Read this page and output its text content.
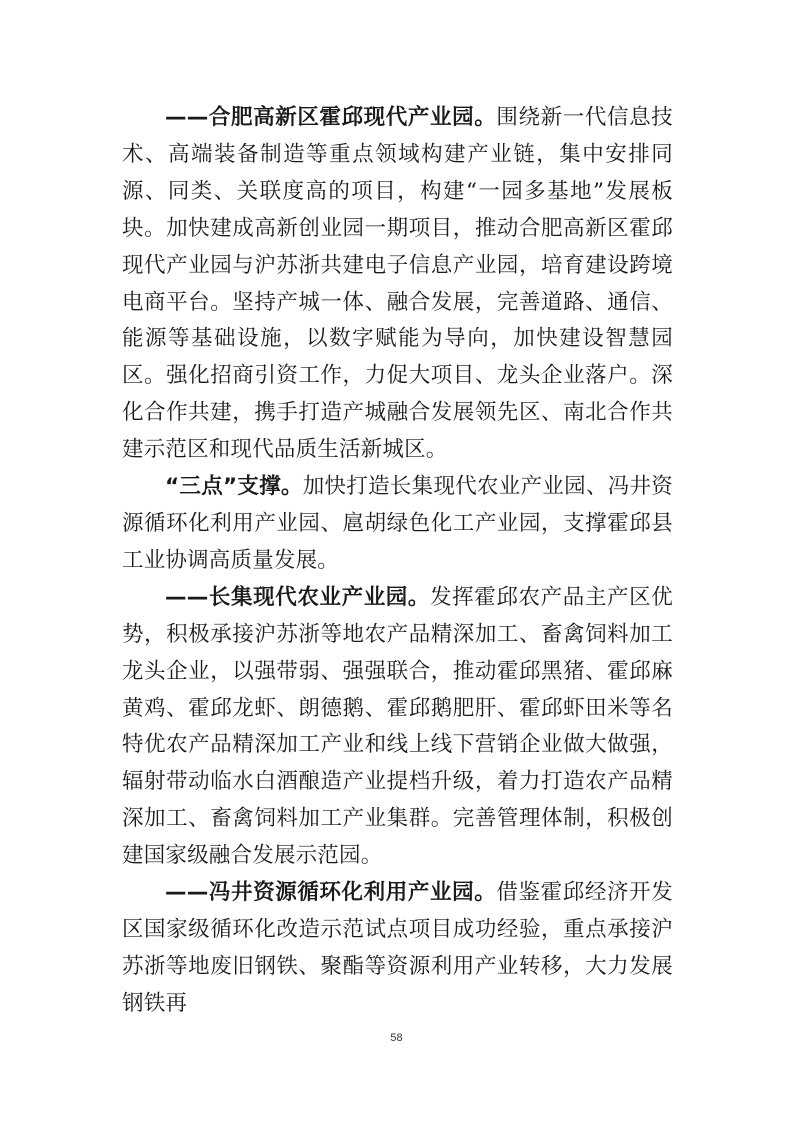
——合肥高新区霍邱现代产业园。围绕新一代信息技术、高端装备制造等重点领域构建产业链，集中安排同源、同类、关联度高的项目，构建“一园多基地”发展板块。加快建成高新创业园一期项目，推动合肥高新区霍邱现代产业园与沪苏浙共建电子信息产业园，培育建设跨境电商平台。坚持产城一体、融合发展，完善道路、通信、能源等基础设施，以数字赋能为导向，加快建设智慧园区。强化招商引资工作，力促大项目、龙头企业落户。深化合作共建，携手打造产城融合发展领先区、南北合作共建示范区和现代品质生活新城区。

“三点”支撑。加快打造长集现代农业产业园、冯井资源循环化利用产业园、扈胡绿色化工产业园，支撑霍邱县工业协调高质量发展。

——长集现代农业产业园。发挥霍邱农产品主产区优势，积极承接沪苏浙等地农产品精深加工、畜禽饲料加工龙头企业，以强带弱、强强联合，推动霍邱黑猪、霍邱麻黄鸡、霍邱龙虾、朗德鹅、霍邱鹅肥肝、霍邱虾田米等名特优农产品精深加工产业和线上线下营销企业做大做强，辐射带动临水白酒酿造产业提档升级，着力打造农产品精深加工、畜禽饲料加工产业集群。完善管理体制，积极创建国家级融合发展示范园。

——冯井资源循环化利用产业园。借鉴霍邱经济开发区国家级循环化改造示范试点项目成功经验，重点承接沪苏浙等地废旧钢铁、聚酯等资源利用产业转移，大力发展钢铁再

58
